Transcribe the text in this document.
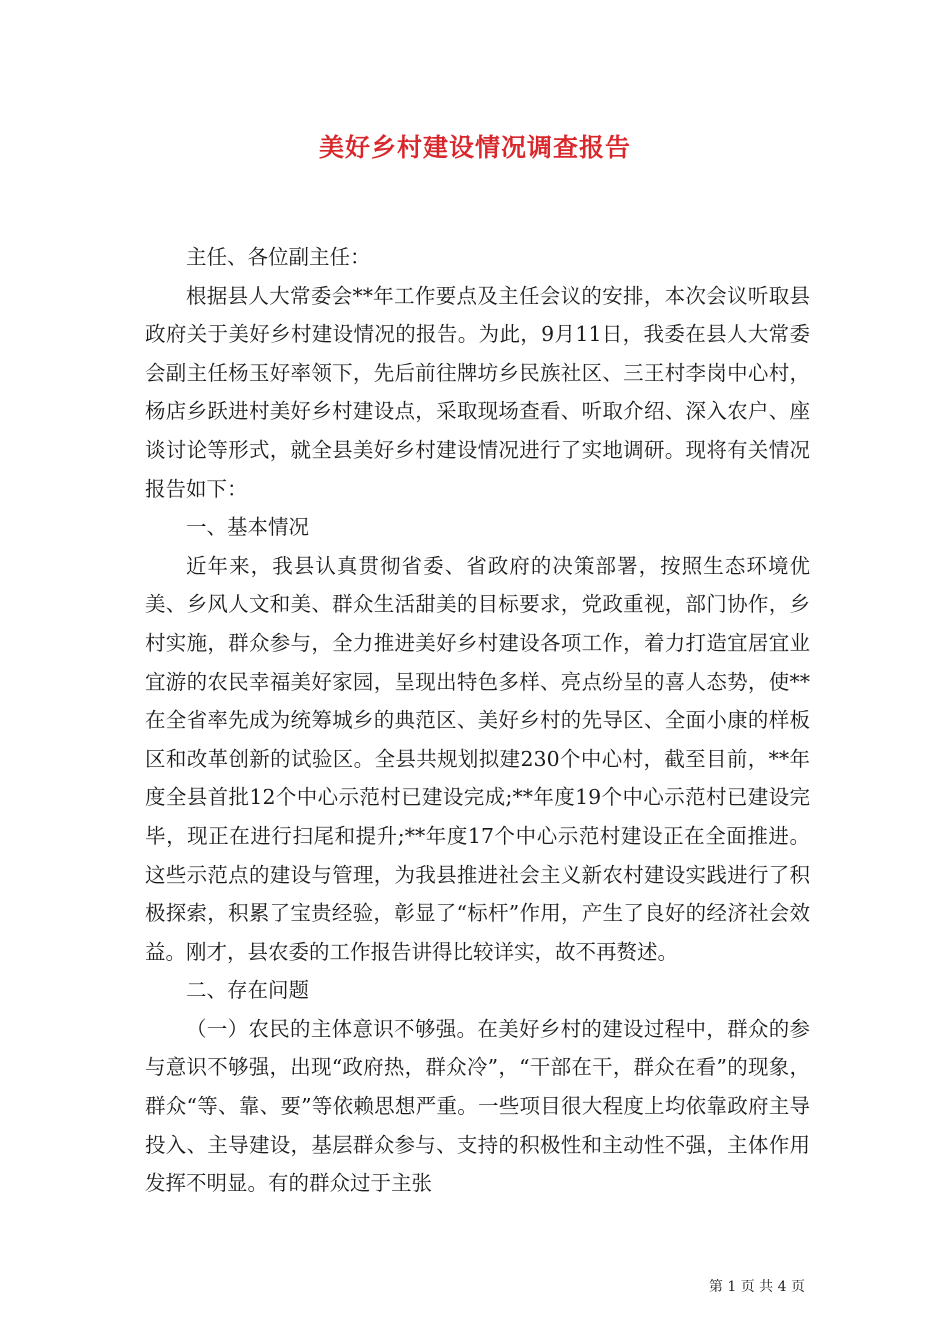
美好乡村建设情况调查报告

主任、各位副主任：

根据县人大常委会**年工作要点及主任会议的安排，本次会议听取县政府关于美好乡村建设情况的报告。为此，9月11日，我委在县人大常委会副主任杨玉好率领下，先后前往牌坊乡民族社区、三王村李岗中心村，杨店乡跃进村美好乡村建设点，采取现场查看、听取介绍、深入农户、座谈讨论等形式，就全县美好乡村建设情况进行了实地调研。现将有关情况报告如下：

一、基本情况

近年来，我县认真贯彻省委、省政府的决策部署，按照生态环境优美、乡风人文和美、群众生活甜美的目标要求，党政重视，部门协作，乡村实施，群众参与，全力推进美好乡村建设各项工作，着力打造宜居宜业宜游的农民幸福美好家园，呈现出特色多样、亮点纷呈的喜人态势，使**在全省率先成为统筹城乡的典范区、美好乡村的先导区、全面小康的样板区和改革创新的试验区。全县共规划拟建230个中心村，截至目前，**年度全县首批12个中心示范村已建设完成;**年度19个中心示范村已建设完毕，现正在进行扫尾和提升;**年度17个中心示范村建设正在全面推进。这些示范点的建设与管理，为我县推进社会主义新农村建设实践进行了积极探索，积累了宝贵经验，彰显了“标杆”作用，产生了良好的经济社会效益。刚才，县农委的工作报告讲得比较详实，故不再赘述。

二、存在问题

（一）农民的主体意识不够强。在美好乡村的建设过程中，群众的参与意识不够强，出现“政府热，群众冷”，“干部在干，群众在看”的现象，群众“等、靠、要”等依赖思想严重。一些项目很大程度上均依靠政府主导投入、主导建设，基层群众参与、支持的积极性和主动性不强，主体作用发挥不明显。有的群众过于主张

第 1 页 共 4 页
